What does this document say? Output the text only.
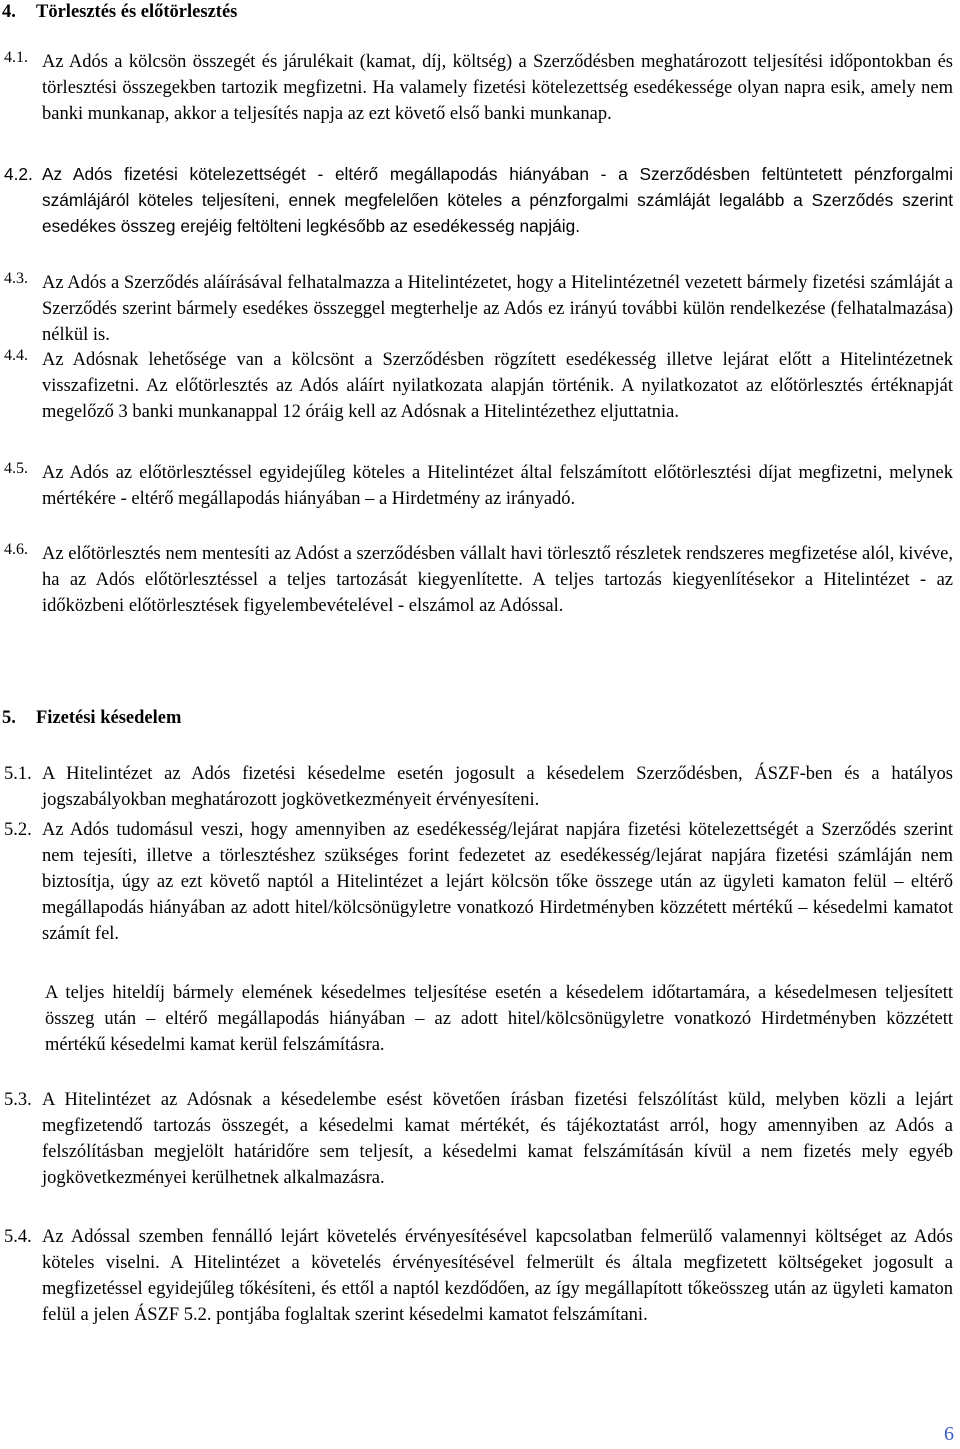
4. Törlesztés és előtörlesztés
4.1. Az Adós a kölcsön összegét és járulékait (kamat, díj, költség) a Szerződésben meghatározott teljesítési időpontokban és törlesztési összegekben tartozik megfizetni. Ha valamely fizetési kötelezettség esedékessége olyan napra esik, amely nem banki munkanap, akkor a teljesítés napja az ezt követő első banki munkanap.
4.2. Az Adós fizetési kötelezettségét - eltérő megállapodás hiányában - a Szerződésben feltüntetett pénzforgalmi számlájáról köteles teljesíteni, ennek megfelelően köteles a pénzforgalmi számláját legalább a Szerződés szerint esedékes összeg erejéig feltölteni legkésőbb az esedékesség napjáig.
4.3. Az Adós a Szerződés aláírásával felhatalmazza a Hitelintézetet, hogy a Hitelintézetnél vezetett bármely fizetési számláját a Szerződés szerint bármely esedékes összeggel megterhelje az Adós ez irányú további külön rendelkezése (felhatalmazása) nélkül is.
4.4. Az Adósnak lehetősége van a kölcsönt a Szerződésben rögzített esedékesség illetve lejárat előtt a Hitelintézetnek visszafizetni. Az előtörlesztés az Adós aláírt nyilatkozata alapján történik. A nyilatkozatot az előtörlesztés értéknapját megelőző 3 banki munkanappal 12 óráig kell az Adósnak a Hitelintézethez eljuttatnia.
4.5. Az Adós az előtörlesztéssel egyidejűleg köteles a Hitelintézet által felszámított előtörlesztési díjat megfizetni, melynek mértékére - eltérő megállapodás hiányában – a Hirdetmény az irányadó.
4.6. Az előtörlesztés nem mentesíti az Adóst a szerződésben vállalt havi törlesztő részletek rendszeres megfizetése alól, kivéve, ha az Adós előtörlesztéssel a teljes tartozását kiegyenlítette. A teljes tartozás kiegyenlítésekor a Hitelintézet - az időközbeni előtörlesztések figyelembevételével - elszámol az Adóssal.
5. Fizetési késedelem
5.1. A Hitelintézet az Adós fizetési késedelme esetén jogosult a késedelem Szerződésben, ÁSZF-ben és a hatályos jogszabályokban meghatározott jogkövetkezményeit érvényesíteni.
5.2. Az Adós tudomásul veszi, hogy amennyiben az esedékesség/lejárat napjára fizetési kötelezettségét a Szerződés szerint nem tejesíti, illetve a törlesztéshez szükséges forint fedezetet az esedékesség/lejárat napjára fizetési számláján nem biztosítja, úgy az ezt követő naptól a Hitelintézet a lejárt kölcsön tőke összege után az ügyleti kamaton felül – eltérő megállapodás hiányában az adott hitel/kölcsönügyletre vonatkozó Hirdetményben közzétett mértékű – késedelmi kamatot számít fel.
A teljes hiteldíj bármely elemének késedelmes teljesítése esetén a késedelem időtartamára, a késedelmesen teljesített összeg után – eltérő megállapodás hiányában – az adott hitel/kölcsönügyletre vonatkozó Hirdetményben közzétett mértékű késedelmi kamat kerül felszámításra.
5.3. A Hitelintézet az Adósnak a késedelembe esést követően írásban fizetési felszólítást küld, melyben közli a lejárt megfizetendő tartozás összegét, a késedelmi kamat mértékét, és tájékoztatást arról, hogy amennyiben az Adós a felszólításban megjelölt határidőre sem teljesít, a késedelmi kamat felszámításán kívül a nem fizetés mely egyéb jogkövetkezményei kerülhetnek alkalmazásra.
5.4. Az Adóssal szemben fennálló lejárt követelés érvényesítésével kapcsolatban felmerülő valamennyi költséget az Adós köteles viselni. A Hitelintézet a követelés érvényesítésével felmerült és általa megfizetett költségeket jogosult a megfizetéssel egyidejűleg tőkésíteni, és ettől a naptól kezdődően, az így megállapított tőkeösszeg után az ügyleti kamaton felül a jelen ÁSZF 5.2. pontjába foglaltak szerint késedelmi kamatot felszámítani.

6
